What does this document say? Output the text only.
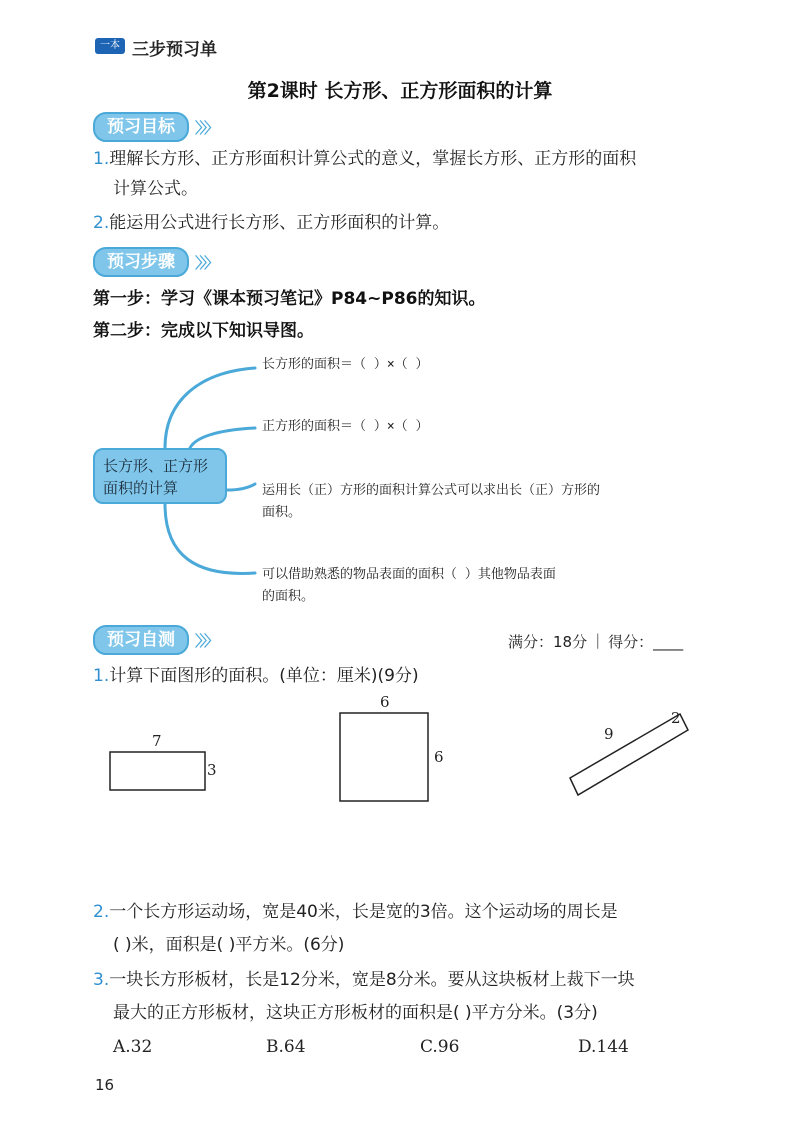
一本 三步预习单
第2课时 长方形、正方形面积的计算
预习目标	〉〉〉
1.理解长方形、正方形面积计算公式的意义，掌握长方形、正方形的面积
计算公式。
2.能运用公式进行长方形、正方形面积的计算。
预习步骤	〉〉〉
第一步：学习《课本预习笔记》P84~P86的知识。
第二步：完成以下知识导图。
长方形、正方形
面积的计算
长方形的面积＝（ ）×（ ）
正方形的面积＝（ ）×（ ）
运用长（正）方形的面积计算公式可以求出长（正）方形的
面积。
可以借助熟悉的物品表面的面积（ ）其他物品表面
的面积。
预习自测	〉〉〉	满分：18分 | 得分：____
1.计算下面图形的面积。(单位：厘米)(9分)
7
3
6
6
9
2
2.一个长方形运动场，宽是40米，长是宽的3倍。这个运动场的周长是
( )米，面积是( )平方米。(6分)
3.一块长方形板材，长是12分米，宽是8分米。要从这块板材上裁下一块
最大的正方形板材，这块正方形板材的面积是( )平方分米。(3分)
A.32	B.64	C.96	D.144
16
